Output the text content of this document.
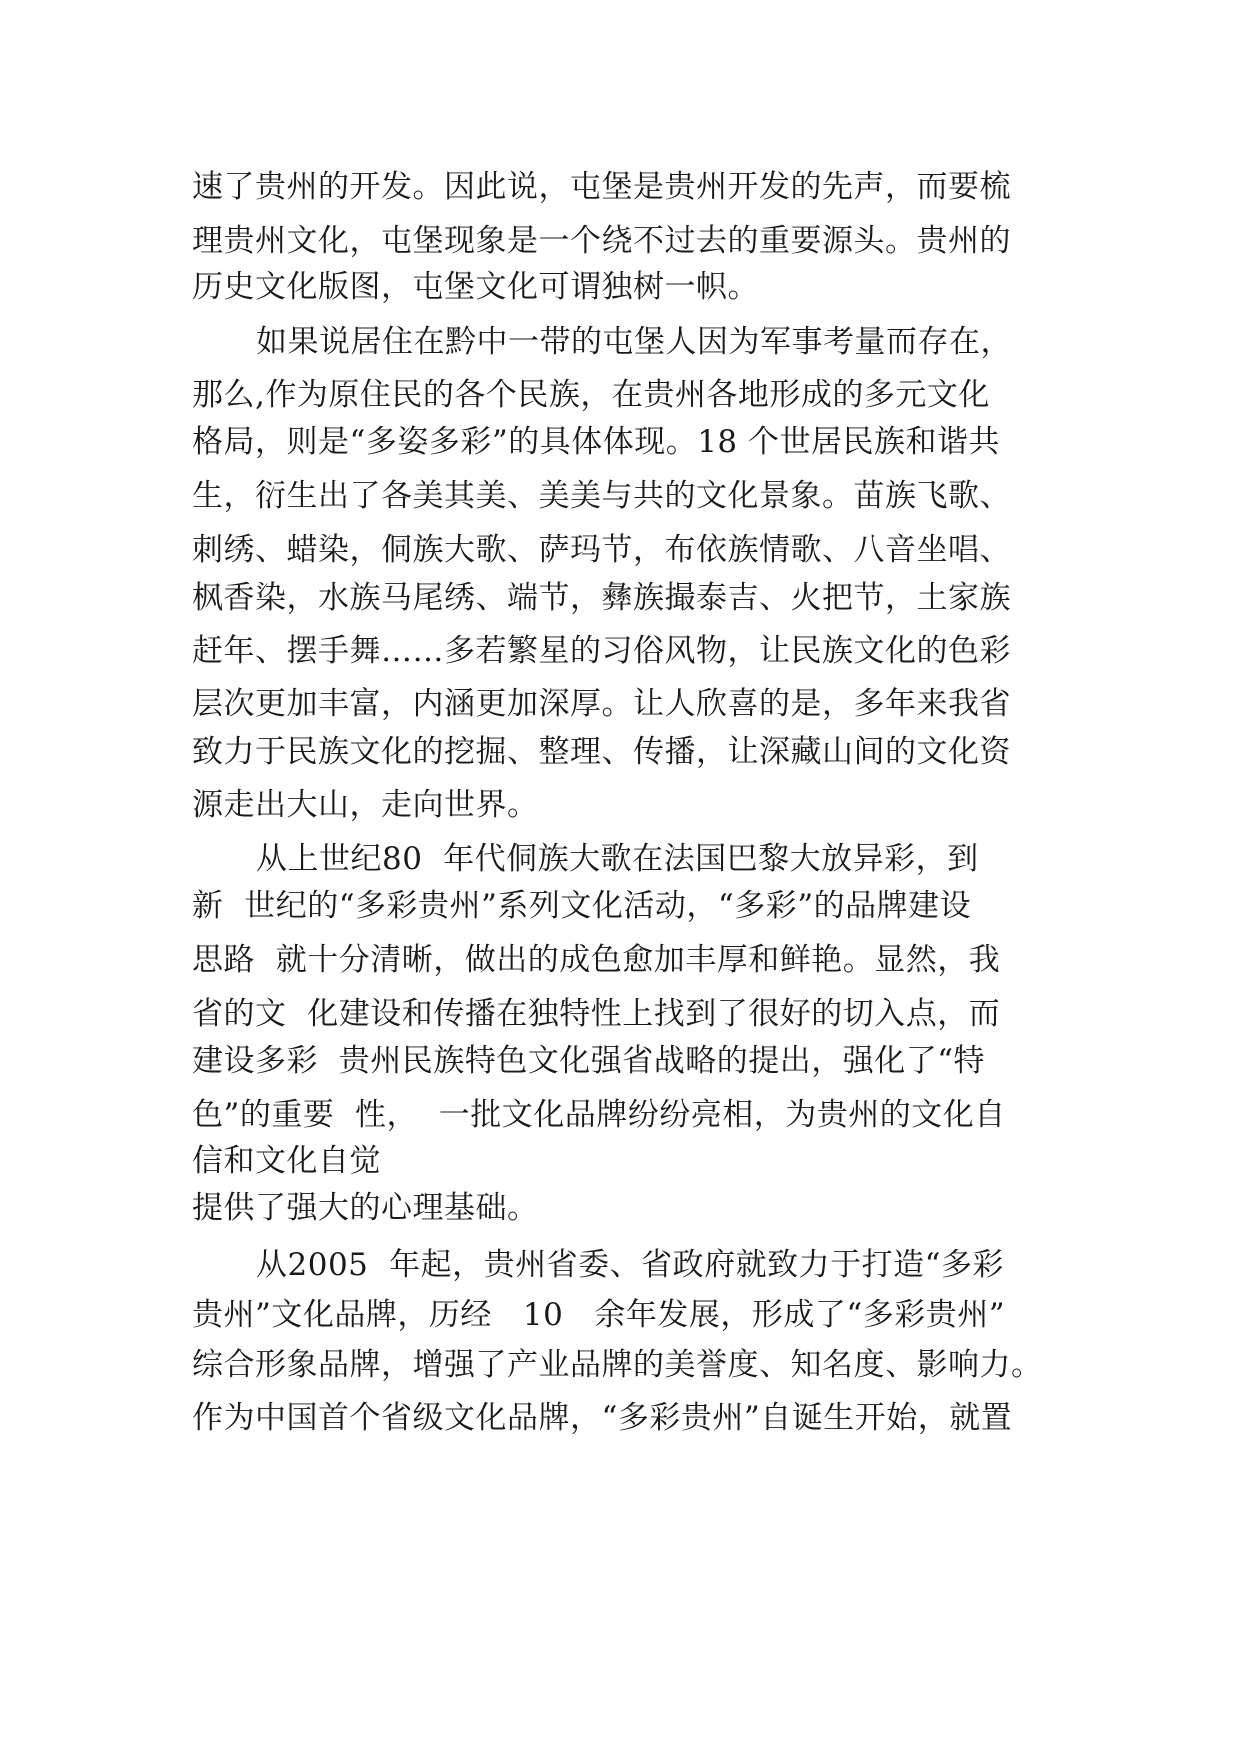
速了贵州的开发。因此说，屯堡是贵州开发的先声，而要梳

理贵州文化，屯堡现象是一个绕不过去的重要源头。贵州的

历史文化版图，屯堡文化可谓独树一帜。

如果说居住在黔中一带的屯堡人因为军事考量而存在，

那么,作为原住民的各个民族，在贵州各地形成的多元文化

格局，则是“多姿多彩”的具体体现。18 个世居民族和谐共

生，衍生出了各美其美、美美与共的文化景象。苗族飞歌、

刺绣、蜡染，侗族大歌、萨玛节，布依族情歌、八音坐唱、

枫香染，水族马尾绣、端节，彝族撮泰吉、火把节，土家族

赶年、摆手舞……多若繁星的习俗风物，让民族文化的色彩

层次更加丰富，内涵更加深厚。让人欣喜的是，多年来我省

致力于民族文化的挖掘、整理、传播，让深藏山间的文化资

源走出大山，走向世界。

从上世纪80  年代侗族大歌在法国巴黎大放异彩，到

新  世纪的“多彩贵州”系列文化活动，“多彩”的品牌建设

思路  就十分清晰，做出的成色愈加丰厚和鲜艳。显然，我

省的文  化建设和传播在独特性上找到了很好的切入点，而

建设多彩  贵州民族特色文化强省战略的提出，强化了“特

色”的重要  性，  一批文化品牌纷纷亮相，为贵州的文化自

信和文化自觉

提供了强大的心理基础。

从2005  年起，贵州省委、省政府就致力于打造“多彩

贵州”文化品牌，历经   10   余年发展，形成了“多彩贵州”

综合形象品牌，增强了产业品牌的美誉度、知名度、影响力。

作为中国首个省级文化品牌，“多彩贵州”自诞生开始，就置
